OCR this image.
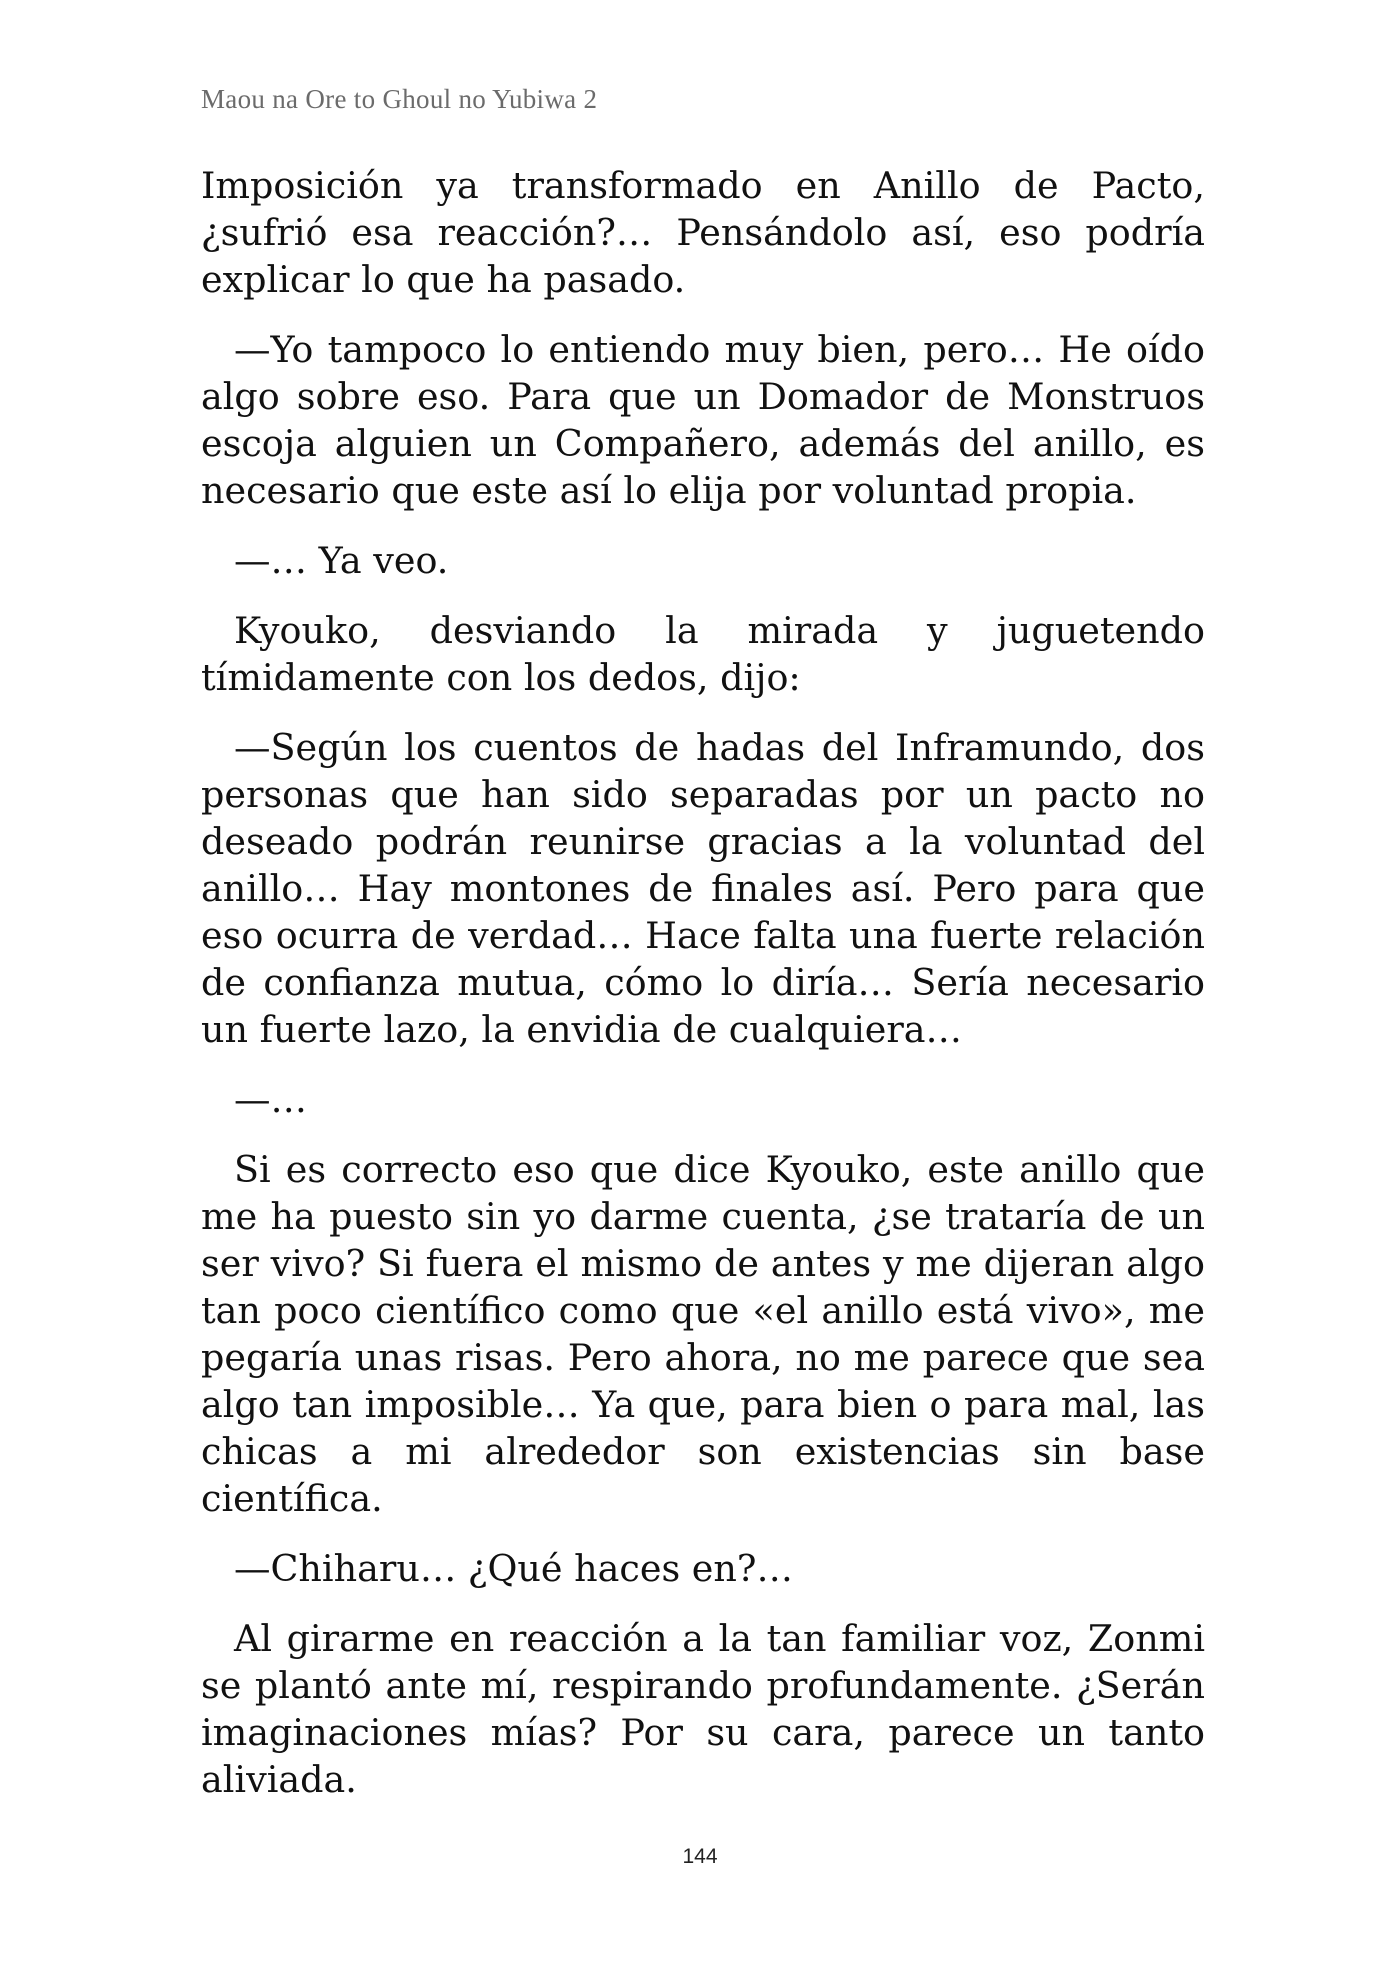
Maou na Ore to Ghoul no Yubiwa 2

Imposición ya transformado en Anillo de Pacto, ¿sufrió esa reacción?… Pensándolo así, eso podría explicar lo que ha pasado.

—Yo tampoco lo entiendo muy bien, pero… He oído algo sobre eso. Para que un Domador de Monstruos escoja alguien un Compañero, además del anillo, es necesario que este así lo elija por voluntad propia.

—… Ya veo.

Kyouko, desviando la mirada y juguetendo tímidamente con los dedos, dijo:

—Según los cuentos de hadas del Inframundo, dos personas que han sido separadas por un pacto no deseado podrán reunirse gracias a la voluntad del anillo… Hay montones de finales así. Pero para que eso ocurra de verdad… Hace falta una fuerte relación de confianza mutua, cómo lo diría… Sería necesario un fuerte lazo, la envidia de cualquiera…

—…

Si es correcto eso que dice Kyouko, este anillo que me ha puesto sin yo darme cuenta, ¿se trataría de un ser vivo? Si fuera el mismo de antes y me dijeran algo tan poco científico como que «el anillo está vivo», me pegaría unas risas. Pero ahora, no me parece que sea algo tan imposible… Ya que, para bien o para mal, las chicas a mi alrededor son existencias sin base científica.

—Chiharu… ¿Qué haces en?…

Al girarme en reacción a la tan familiar voz, Zonmi se plantó ante mí, respirando profundamente. ¿Serán imaginaciones mías? Por su cara, parece un tanto aliviada.

144
